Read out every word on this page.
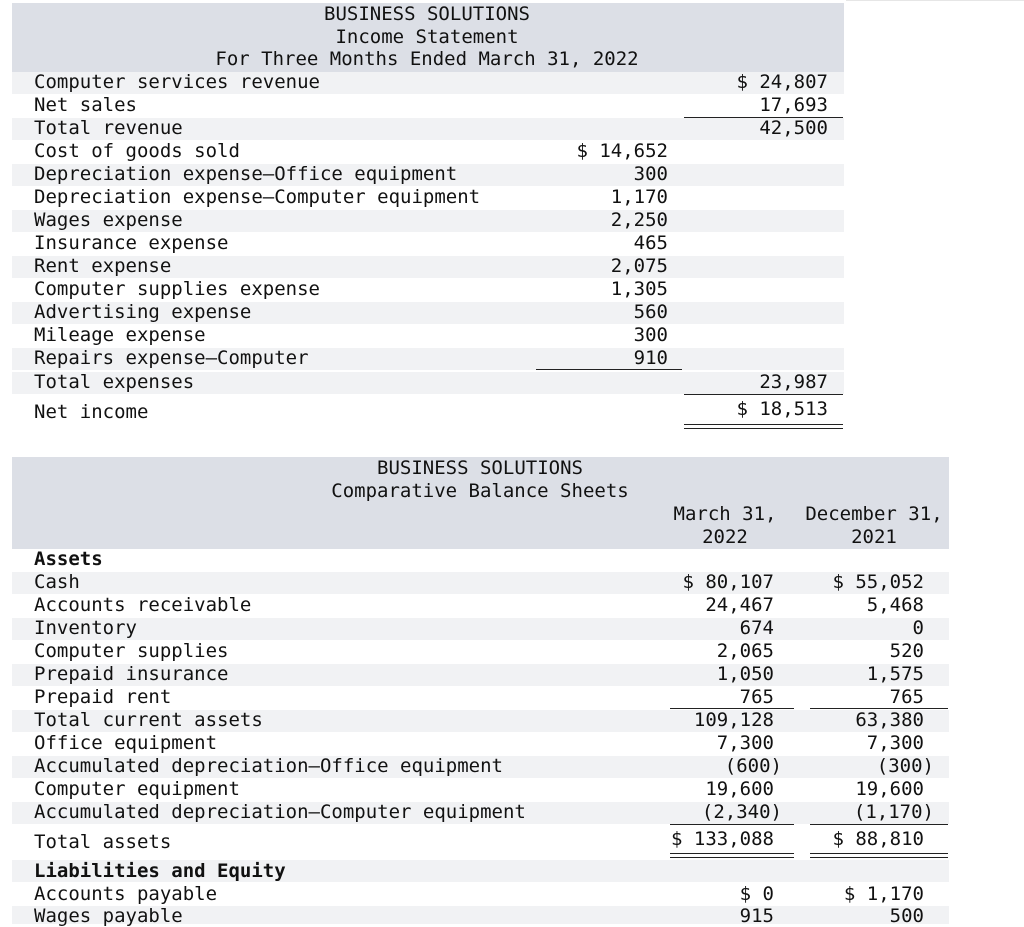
BUSINESS SOLUTIONS
Income Statement
For Three Months Ended March 31, 2022
Computer services revenue	$ 24,807
Net sales	17,693
Total revenue	42,500
Cost of goods sold	$ 14,652
Depreciation expense—Office equipment	300
Depreciation expense—Computer equipment	1,170
Wages expense	2,250
Insurance expense	465
Rent expense	2,075
Computer supplies expense	1,305
Advertising expense	560
Mileage expense	300
Repairs expense—Computer	910
Total expenses	23,987
Net income	$ 18,513
BUSINESS SOLUTIONS
Comparative Balance Sheets
March 31,
2022
December 31,
2021
Assets
Cash	$ 80,107	$ 55,052
Accounts receivable	24,467	5,468
Inventory	674	0
Computer supplies	2,065	520
Prepaid insurance	1,050	1,575
Prepaid rent	765	765
Total current assets	109,128	63,380
Office equipment	7,300	7,300
Accumulated depreciation—Office equipment	(600)	(300)
Computer equipment	19,600	19,600
Accumulated depreciation—Computer equipment	(2,340)	(1,170)
Total assets	$ 133,088	$ 88,810
Liabilities and Equity
Accounts payable	$ 0	$ 1,170
Wages payable	915	500
